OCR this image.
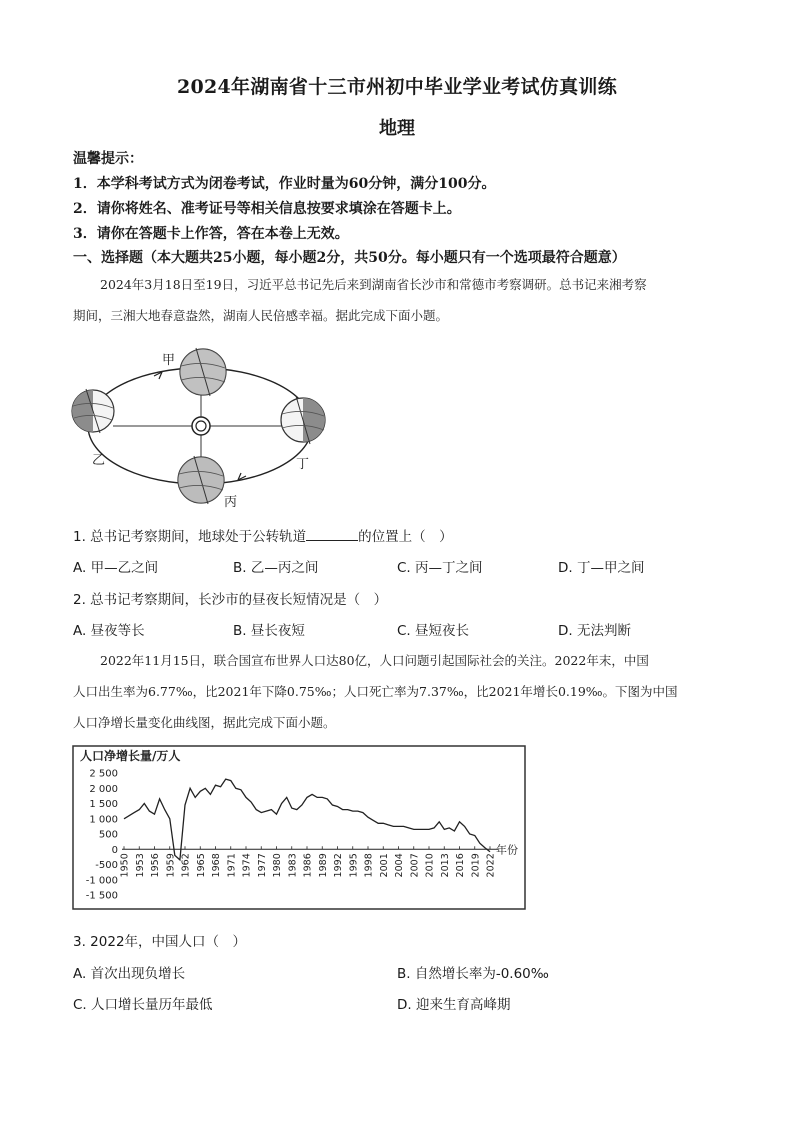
2024年湖南省十三市州初中毕业学业考试仿真训练
地理
温馨提示：
1．本学科考试方式为闭卷考试，作业时量为60分钟，满分100分。
2．请你将姓名、准考证号等相关信息按要求填涂在答题卡上。
3．请你在答题卡上作答，答在本卷上无效。
一、选择题（本大题共25小题，每小题2分，共50分。每小题只有一个选项最符合题意）
2024年3月18日至19日，习近平总书记先后来到湖南省长沙市和常德市考察调研。总书记来湘考察
期间，三湘大地春意盎然，湖南人民倍感幸福。据此完成下面小题。
甲
乙
丙
丁
1. 总书记考察期间，地球处于公转轨道	的位置上（　）
A. 甲—乙之间	B. 乙—丙之间	C. 丙—丁之间	D. 丁—甲之间
2. 总书记考察期间，长沙市的昼夜长短情况是（　）
A. 昼夜等长	B. 昼长夜短	C. 昼短夜长	D. 无法判断
2022年11月15日，联合国宣布世界人口达80亿，人口问题引起国际社会的关注。2022年末，中国
人口出生率为6.77‰，比2021年下降0.75‰；人口死亡率为7.37‰，比2021年增长0.19‰。下图为中国
人口净增长量变化曲线图，据此完成下面小题。
人口净增长量/万人
2 500
2 000
1 500
1 000
500
0
-500
-1 000
-1 500
1950 1953 1956 1959 1962 1965 1968 1971 1974 1977 1980 1983 1986 1989 1992 1995 1998 2001 2004 2007 2010 2013 2016 2019 2022
年份
3. 2022年，中国人口（　）
A. 首次出现负增长	B. 自然增长率为-0.60‰
C. 人口增长量历年最低	D. 迎来生育高峰期
